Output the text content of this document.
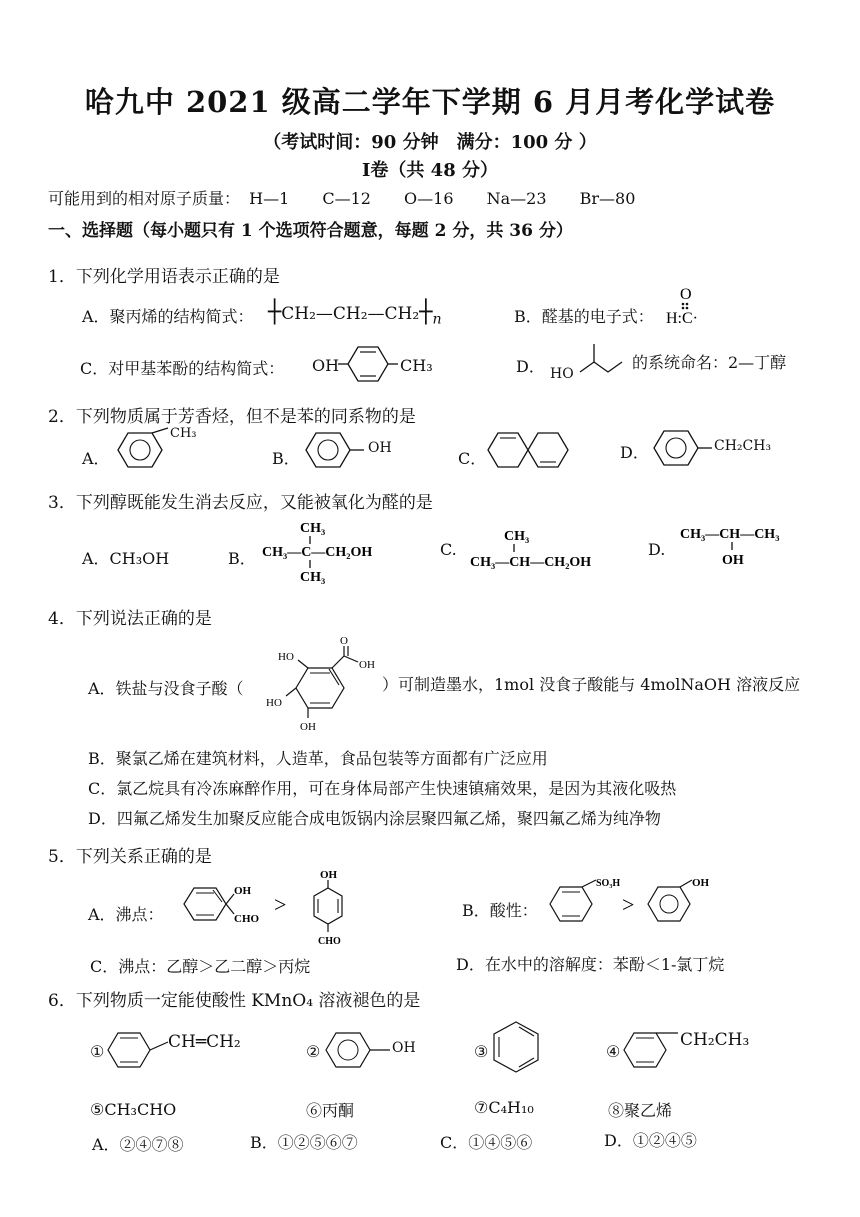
哈九中 2021 级高二学年下学期 6 月月考化学试卷
（考试时间：90 分钟　满分：100 分 ）
Ⅰ卷（共 48 分）
可能用到的相对原子质量： H—1 C—12 O—16 Na—23 Br—80
一、选择题（每小题只有 1 个选项符合题意，每题 2 分，共 36 分）
1．下列化学用语表示正确的是
A．聚丙烯的结构简式： $┼CH_2—CH_2—CH_2┼_n$	B．醛基的电子式：
O
H:C·
C．对甲基苯酚的结构简式： OH	CH₃	D． HO
的系统命名：2—丁醇
2．下列物质属于芳香烃，但不是苯的同系物的是
A．
CH₃
B．
OH
C．	D．	CH₂CH₃
3．下列醇既能发生消去反应，又能被氧化为醛的是
A．CH₃OH	B．
CH₃
CH₃—C—CH₂OH
CH₃
C.
CH₃
CH₃—CH—CH₂OH
D.
CH₃—CH—CH₃
OH
4．下列说法正确的是
A．铁盐与没食子酸（
OH
O
HO
HO
OH
）可制造墨水，1mol 没食子酸能与 4molNaOH 溶液反应
B．聚氯乙烯在建筑材料，人造革，食品包装等方面都有广泛应用
C．氯乙烷具有冷冻麻醉作用，可在身体局部产生快速镇痛效果，是因为其液化吸热
D．四氟乙烯发生加聚反应能合成电饭锅内涂层聚四氟乙烯，聚四氟乙烯为纯净物
5．下列关系正确的是
A．沸点：
OH
CHO
>
OH
CHO
B．酸性：
SO₃H
>
OH
C．沸点：乙醇＞乙二醇＞丙烷	D．在水中的溶解度：苯酚＜1-氯丁烷
6．下列物质一定能使酸性 KMnO₄ 溶液褪色的是
①	CH═CH₂	②	OH	③	④
CH₂CH₃
⑤CH₃CHO	⑥丙酮	⑦C₄H₁₀	⑧聚乙烯
A．②④⑦⑧	B．①②⑤⑥⑦	C．①④⑤⑥	D．①②④⑤
